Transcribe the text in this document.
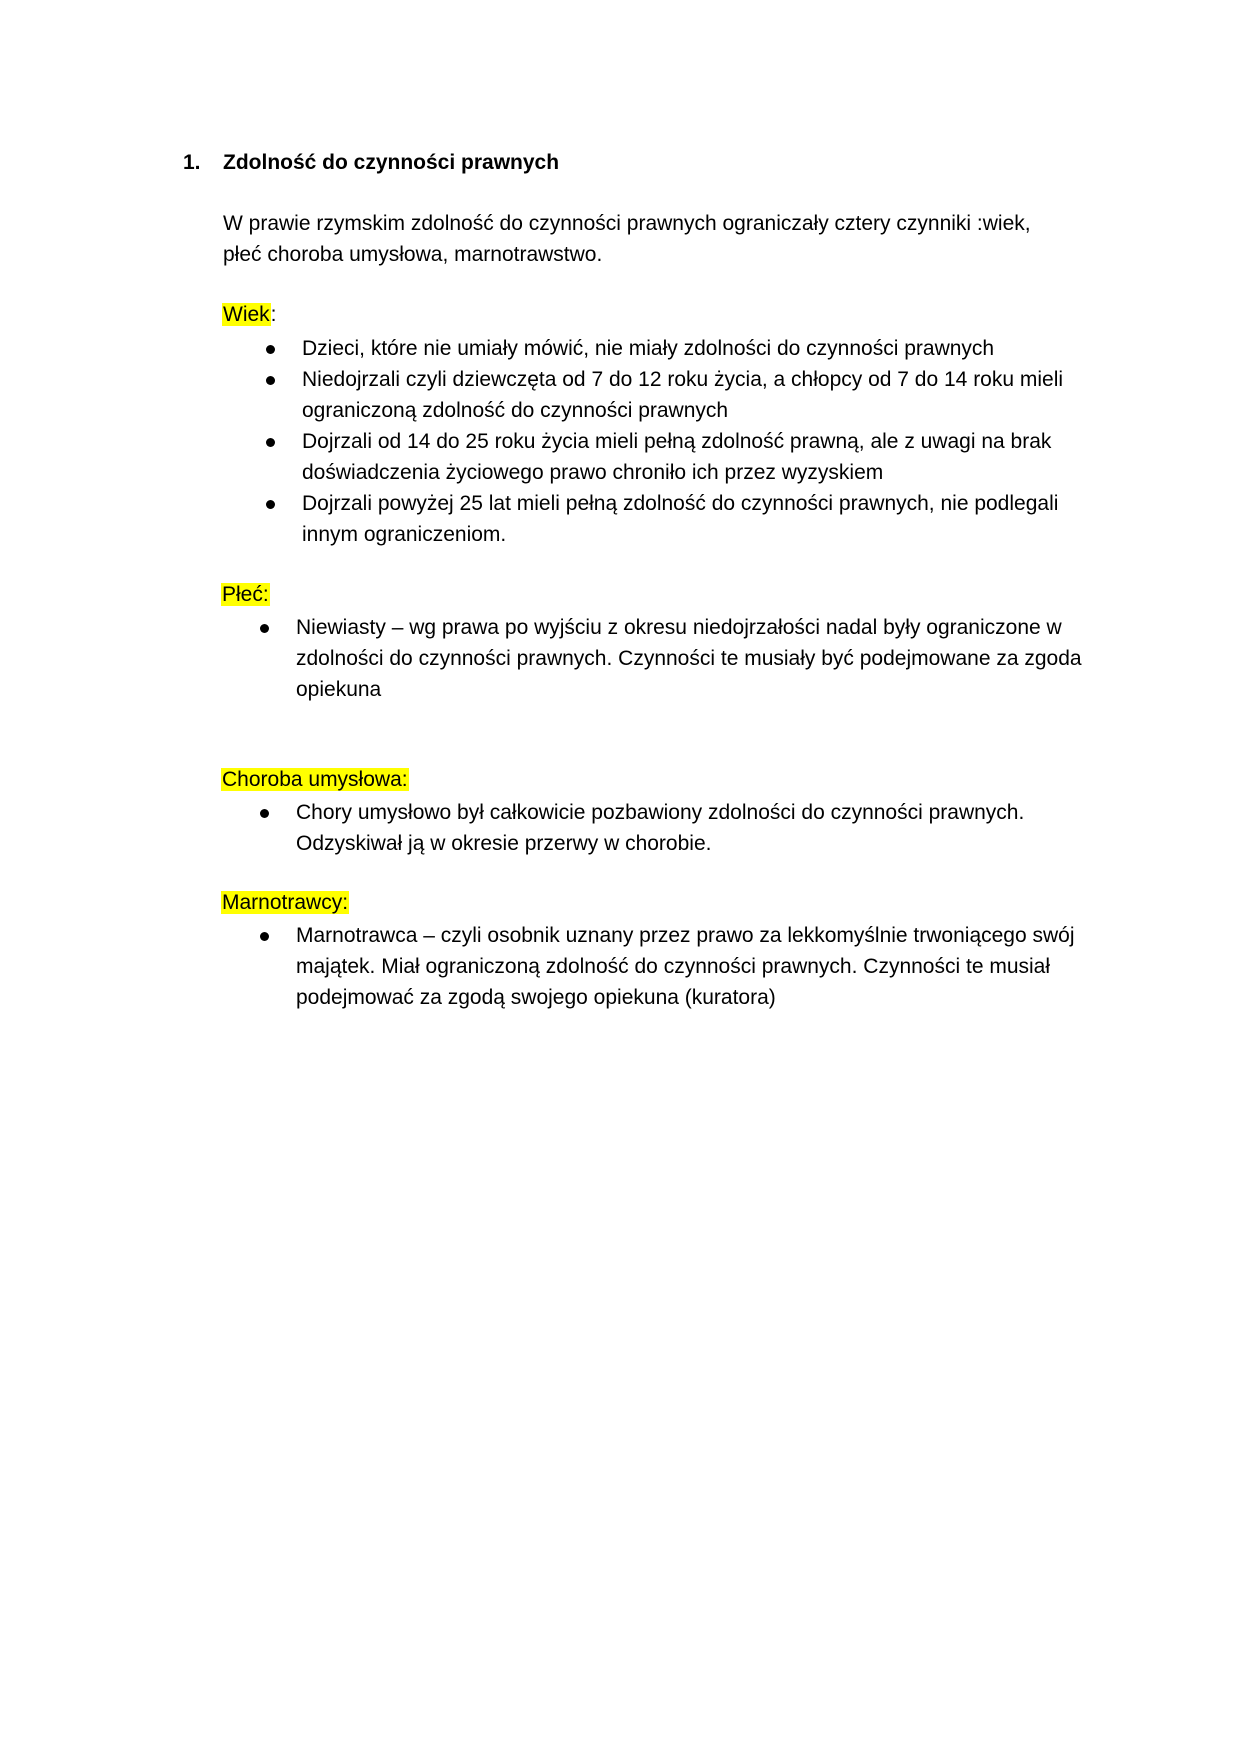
1. Zdolność do czynności prawnych

W prawie rzymskim zdolność do czynności prawnych ograniczały cztery czynniki :wiek, płeć choroba umysłowa, marnotrawstwo.

Wiek:
Dzieci, które nie umiały mówić, nie miały zdolności do czynności prawnych
Niedojrzali czyli dziewczęta od 7 do 12 roku życia, a chłopcy od 7 do 14 roku mieli ograniczoną zdolność do czynności prawnych
Dojrzali od 14 do 25 roku życia mieli pełną zdolność prawną, ale z uwagi na brak doświadczenia życiowego prawo chroniło ich przez wyzyskiem
Dojrzali powyżej 25 lat mieli pełną zdolność do czynności prawnych, nie podlegali innym ograniczeniom.
Płeć:
Niewiasty – wg prawa po wyjściu z okresu niedojrzałości nadal były ograniczone w zdolności do czynności prawnych. Czynności te musiały być podejmowane za zgoda opiekuna
Choroba umysłowa:
Chory umysłowo był całkowicie pozbawiony zdolności do czynności prawnych. Odzyskiwał ją w okresie przerwy w chorobie.
Marnotrawcy:
Marnotrawca – czyli osobnik uznany przez prawo za lekkomyślnie trwoniącego swój majątek. Miał ograniczoną zdolność do czynności prawnych. Czynności te musiał podejmować za zgodą swojego opiekuna (kuratora)
